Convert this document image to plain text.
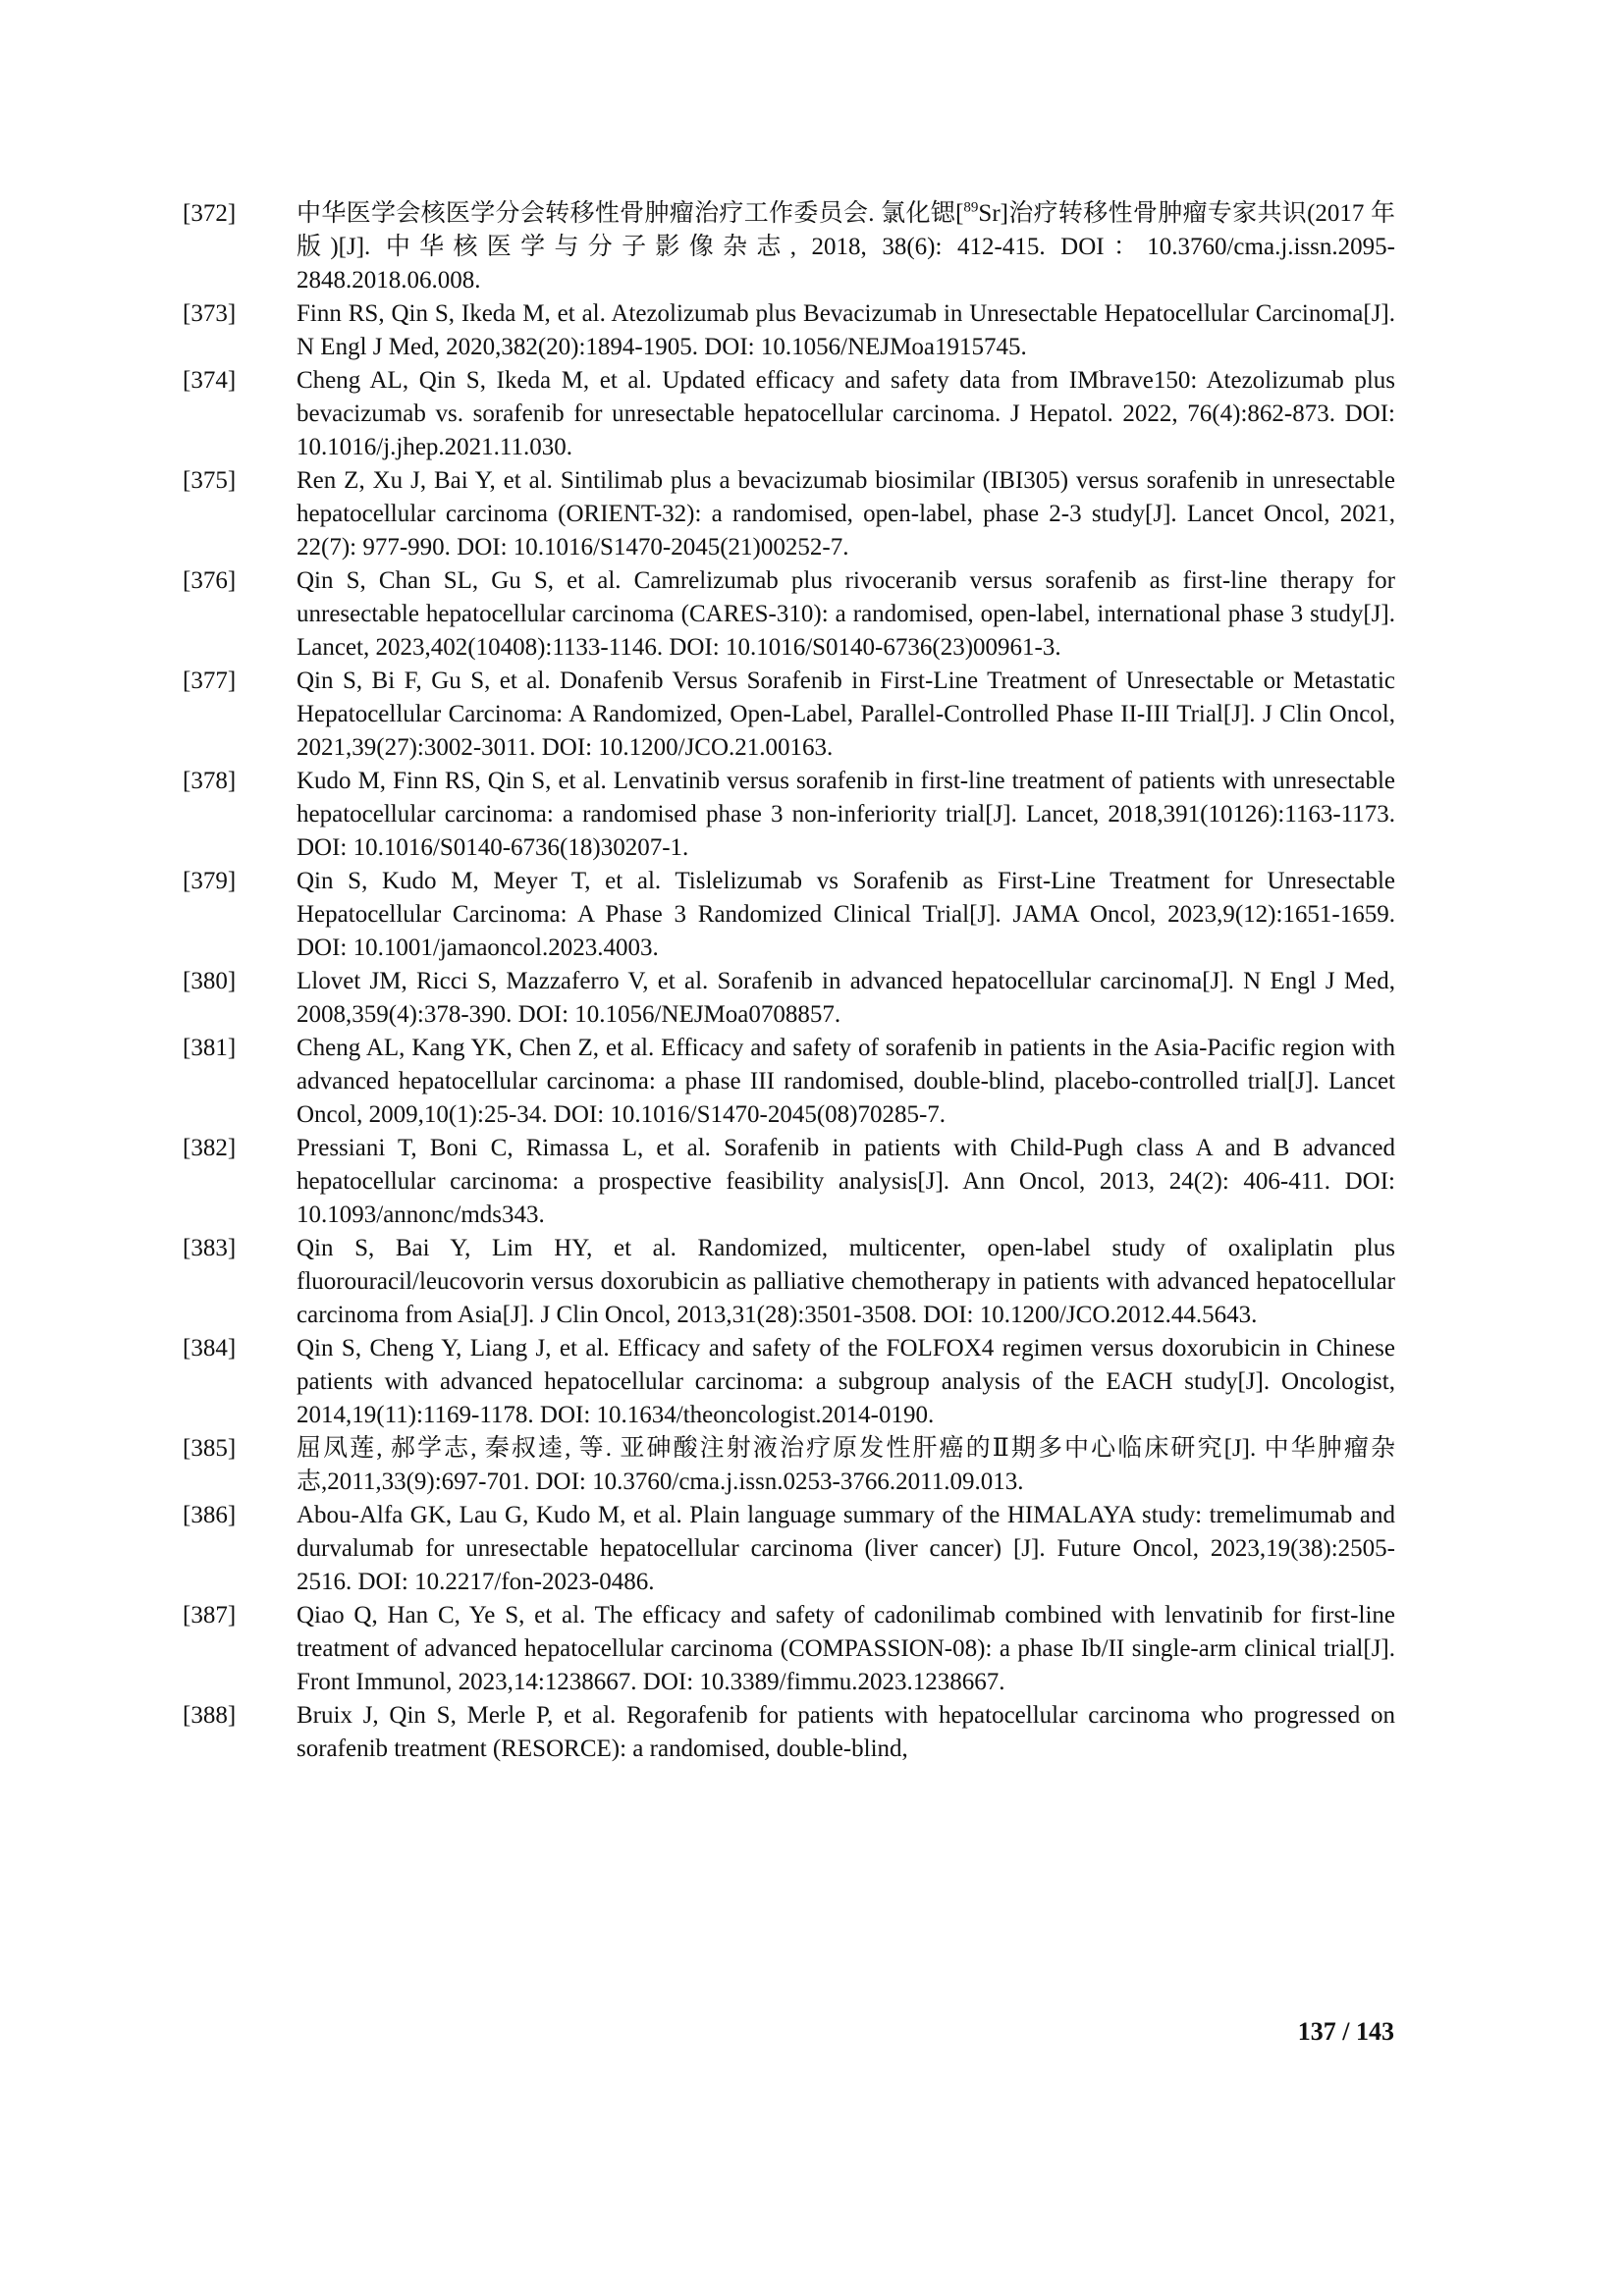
[372]	中华医学会核医学分会转移性骨肿瘤治疗工作委员会. 氯化锶[$^{89}$Sr]治疗转移性骨肿瘤专家共识(2017 年版)[J]. 中华核医学与分子影像杂志, 2018, 38(6): 412-415. DOI：10.3760/cma.j.issn.2095-2848.2018.06.008.
[373]	Finn RS, Qin S, Ikeda M, et al. Atezolizumab plus Bevacizumab in Unresectable Hepatocellular Carcinoma[J]. N Engl J Med, 2020,382(20):1894-1905. DOI: 10.1056/NEJMoa1915745.
[374]	Cheng AL, Qin S, Ikeda M, et al. Updated efficacy and safety data from IMbrave150: Atezolizumab plus bevacizumab vs. sorafenib for unresectable hepatocellular carcinoma. J Hepatol. 2022, 76(4):862-873. DOI: 10.1016/j.jhep.2021.11.030.
[375]	Ren Z, Xu J, Bai Y, et al. Sintilimab plus a bevacizumab biosimilar (IBI305) versus sorafenib in unresectable hepatocellular carcinoma (ORIENT-32): a randomised, open-label, phase 2-3 study[J]. Lancet Oncol, 2021, 22(7): 977-990. DOI: 10.1016/S1470-2045(21)00252-7.
[376]	Qin S, Chan SL, Gu S, et al. Camrelizumab plus rivoceranib versus sorafenib as first-line therapy for unresectable hepatocellular carcinoma (CARES-310): a randomised, open-label, international phase 3 study[J]. Lancet, 2023,402(10408):1133-1146. DOI: 10.1016/S0140-6736(23)00961-3.
[377]	Qin S, Bi F, Gu S, et al. Donafenib Versus Sorafenib in First-Line Treatment of Unresectable or Metastatic Hepatocellular Carcinoma: A Randomized, Open-Label, Parallel-Controlled Phase II-III Trial[J]. J Clin Oncol, 2021,39(27):3002-3011. DOI: 10.1200/JCO.21.00163.
[378]	Kudo M, Finn RS, Qin S, et al. Lenvatinib versus sorafenib in first-line treatment of patients with unresectable hepatocellular carcinoma: a randomised phase 3 non-inferiority trial[J]. Lancet, 2018,391(10126):1163-1173. DOI: 10.1016/S0140-6736(18)30207-1.
[379]	Qin S, Kudo M, Meyer T, et al. Tislelizumab vs Sorafenib as First-Line Treatment for Unresectable Hepatocellular Carcinoma: A Phase 3 Randomized Clinical Trial[J]. JAMA Oncol, 2023,9(12):1651-1659. DOI: 10.1001/jamaoncol.2023.4003.
[380]	Llovet JM, Ricci S, Mazzaferro V, et al. Sorafenib in advanced hepatocellular carcinoma[J]. N Engl J Med, 2008,359(4):378-390. DOI: 10.1056/NEJMoa0708857.
[381]	Cheng AL, Kang YK, Chen Z, et al. Efficacy and safety of sorafenib in patients in the Asia-Pacific region with advanced hepatocellular carcinoma: a phase III randomised, double-blind, placebo-controlled trial[J]. Lancet Oncol, 2009,10(1):25-34. DOI: 10.1016/S1470-2045(08)70285-7.
[382]	Pressiani T, Boni C, Rimassa L, et al. Sorafenib in patients with Child-Pugh class A and B advanced hepatocellular carcinoma: a prospective feasibility analysis[J]. Ann Oncol, 2013, 24(2): 406-411. DOI: 10.1093/annonc/mds343.
[383]	Qin S, Bai Y, Lim HY, et al. Randomized, multicenter, open-label study of oxaliplatin plus fluorouracil/leucovorin versus doxorubicin as palliative chemotherapy in patients with advanced hepatocellular carcinoma from Asia[J]. J Clin Oncol, 2013,31(28):3501-3508. DOI: 10.1200/JCO.2012.44.5643.
[384]	Qin S, Cheng Y, Liang J, et al. Efficacy and safety of the FOLFOX4 regimen versus doxorubicin in Chinese patients with advanced hepatocellular carcinoma: a subgroup analysis of the EACH study[J]. Oncologist, 2014,19(11):1169-1178. DOI: 10.1634/theoncologist.2014-0190.
[385]	屈凤莲, 郝学志, 秦叔逵, 等. 亚砷酸注射液治疗原发性肝癌的Ⅱ期多中心临床研究[J]. 中华肿瘤杂志,2011,33(9):697-701. DOI: 10.3760/cma.j.issn.0253-3766.2011.09.013.
[386]	Abou-Alfa GK, Lau G, Kudo M, et al. Plain language summary of the HIMALAYA study: tremelimumab and durvalumab for unresectable hepatocellular carcinoma (liver cancer) [J]. Future Oncol, 2023,19(38):2505-2516. DOI: 10.2217/fon-2023-0486.
[387]	Qiao Q, Han C, Ye S, et al. The efficacy and safety of cadonilimab combined with lenvatinib for first-line treatment of advanced hepatocellular carcinoma (COMPASSION-08): a phase Ib/II single-arm clinical trial[J]. Front Immunol, 2023,14:1238667. DOI: 10.3389/fimmu.2023.1238667.
[388]	Bruix J, Qin S, Merle P, et al. Regorafenib for patients with hepatocellular carcinoma who progressed on sorafenib treatment (RESORCE): a randomised, double-blind,
137 / 143
